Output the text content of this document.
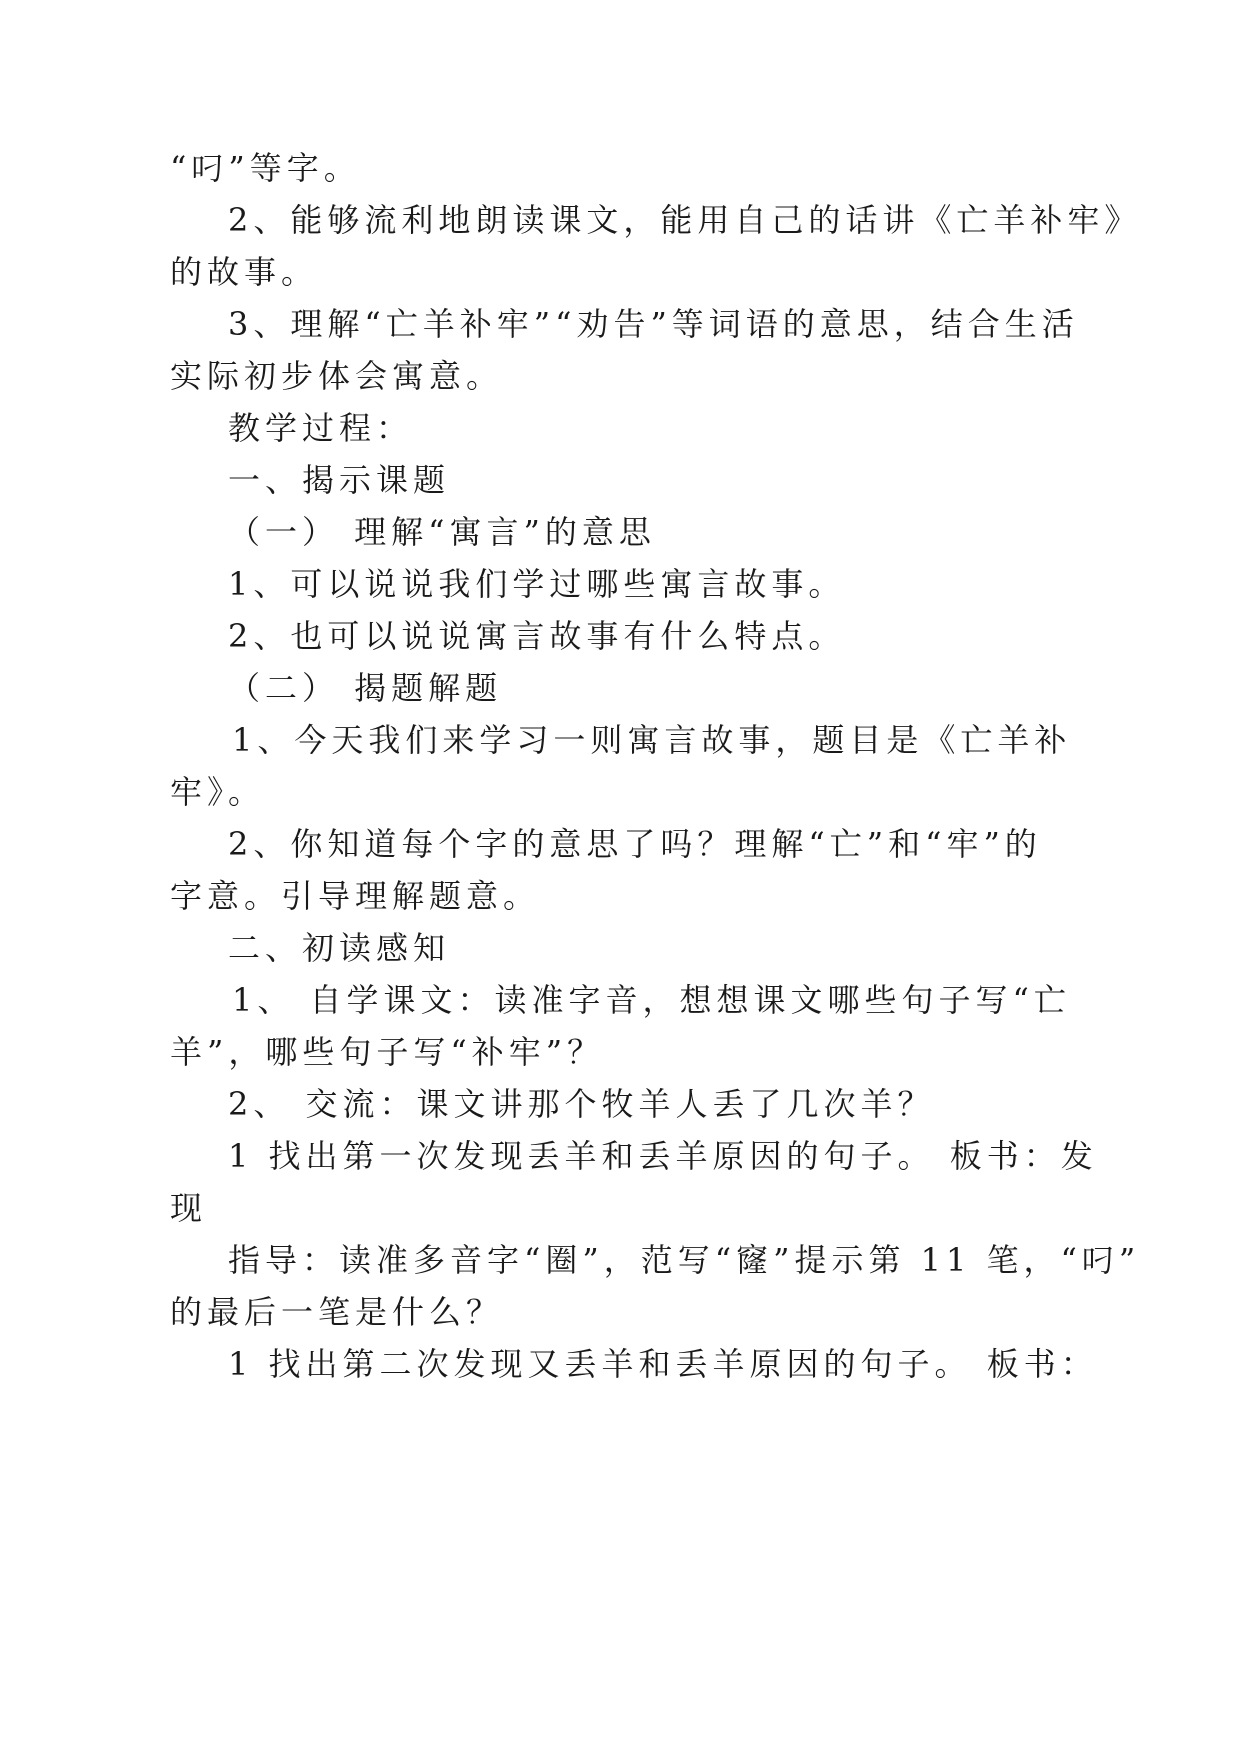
“叼”等字。
2、能够流利地朗读课文，能用自己的话讲《亡羊补牢》
的故事。
3、理解“亡羊补牢”“劝告”等词语的意思，结合生活
实际初步体会寓意。
教学过程：
一、揭示课题
（一） 理解“寓言”的意思
1、可以说说我们学过哪些寓言故事。
2、也可以说说寓言故事有什么特点。
（二） 揭题解题
1、今天我们来学习一则寓言故事，题目是《亡羊补
牢》。
2、你知道每个字的意思了吗？理解“亡”和“牢”的
字意。引导理解题意。
二、初读感知
1、 自学课文：读准字音，想想课文哪些句子写“亡
羊”，哪些句子写“补牢”？
2、 交流：课文讲那个牧羊人丢了几次羊？
1 找出第一次发现丢羊和丢羊原因的句子。 板书：发
现
指导：读准多音字“圈”，范写“窿”提示第 11 笔，“叼”
的最后一笔是什么？
1 找出第二次发现又丢羊和丢羊原因的句子。 板书：
